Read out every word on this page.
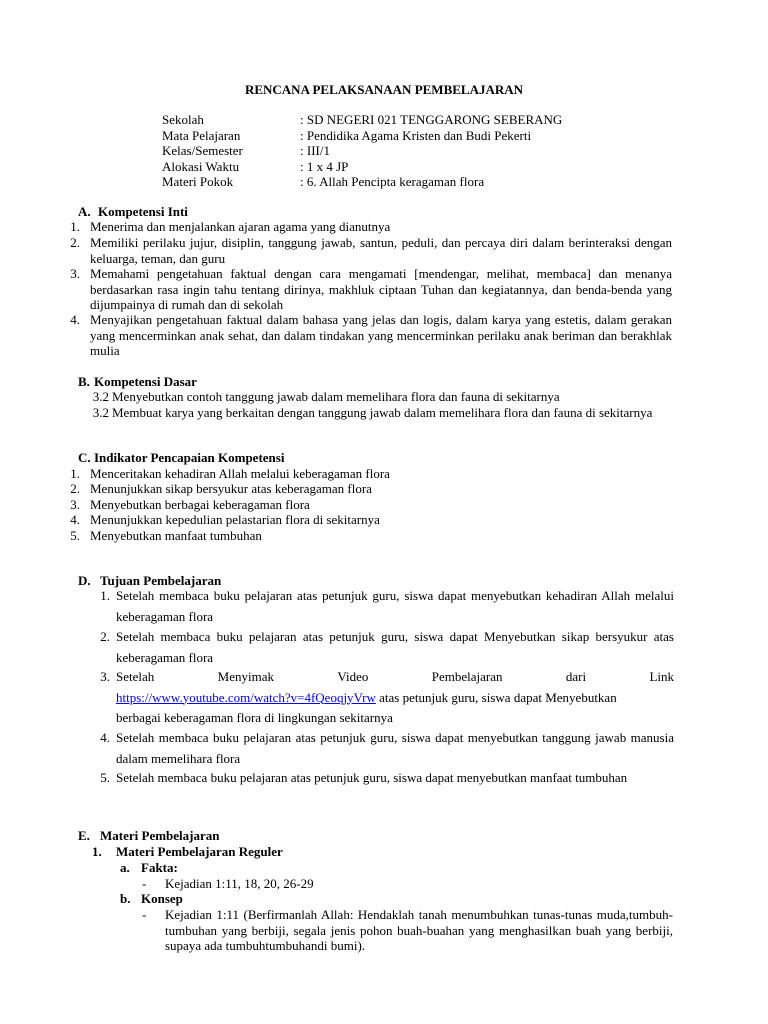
RENCANA PELAKSANAAN PEMBELAJARAN
Sekolah	: SD NEGERI 021 TENGGARONG SEBERANG
Mata Pelajaran	: Pendidika Agama Kristen dan Budi Pekerti
Kelas/Semester	: III/1
Alokasi Waktu	: 1 x 4 JP
Materi Pokok	: 6. Allah Pencipta keragaman flora
A. Kompetensi Inti
1. Menerima dan menjalankan ajaran agama yang dianutnya
2. Memiliki perilaku jujur, disiplin, tanggung jawab, santun, peduli, dan percaya diri dalam berinteraksi dengan keluarga, teman, dan guru
3. Memahami pengetahuan faktual dengan cara mengamati [mendengar, melihat, membaca] dan menanya berdasarkan rasa ingin tahu tentang dirinya, makhluk ciptaan Tuhan dan kegiatannya, dan benda-benda yang dijumpainya di rumah dan di sekolah
4. Menyajikan pengetahuan faktual dalam bahasa yang jelas dan logis, dalam karya yang estetis, dalam gerakan yang mencerminkan anak sehat, dan dalam tindakan yang mencerminkan perilaku anak beriman dan berakhlak mulia
B. Kompetensi Dasar
3.2 Menyebutkan contoh tanggung jawab dalam memelihara flora dan fauna di sekitarnya
3.2 Membuat karya yang berkaitan dengan tanggung jawab dalam memelihara flora dan fauna di sekitarnya
C. Indikator Pencapaian Kompetensi
1. Menceritakan kehadiran Allah melalui keberagaman flora
2. Menunjukkan sikap bersyukur atas keberagaman flora
3. Menyebutkan berbagai keberagaman flora
4. Menunjukkan kepedulian pelastarian flora di sekitarnya
5. Menyebutkan manfaat tumbuhan
D. Tujuan Pembelajaran
1. Setelah membaca buku pelajaran atas petunjuk guru, siswa dapat menyebutkan kehadiran Allah melalui keberagaman flora
2. Setelah membaca buku pelajaran atas petunjuk guru, siswa dapat Menyebutkan sikap bersyukur atas keberagaman flora
3. Setelah	Menyimak	Video	Pembelajaran	dari	Link
https://www.youtube.com/watch?v=4fQeoqjyVrw atas petunjuk guru, siswa dapat Menyebutkan
berbagai keberagaman flora di lingkungan sekitarnya
4. Setelah membaca buku pelajaran atas petunjuk guru, siswa dapat menyebutkan tanggung jawab manusia dalam memelihara flora
5. Setelah membaca buku pelajaran atas petunjuk guru, siswa dapat menyebutkan manfaat tumbuhan
E. Materi Pembelajaran
1. Materi Pembelajaran Reguler
a. Fakta:
- Kejadian 1:11, 18, 20, 26-29
b. Konsep
- Kejadian 1:11 (Berfirmanlah Allah: Hendaklah tanah menumbuhkan tunas-tunas muda,tumbuh-tumbuhan yang berbiji, segala jenis pohon buah-buahan yang menghasilkan buah yang berbiji, supaya ada tumbuhtumbuhandi bumi).
